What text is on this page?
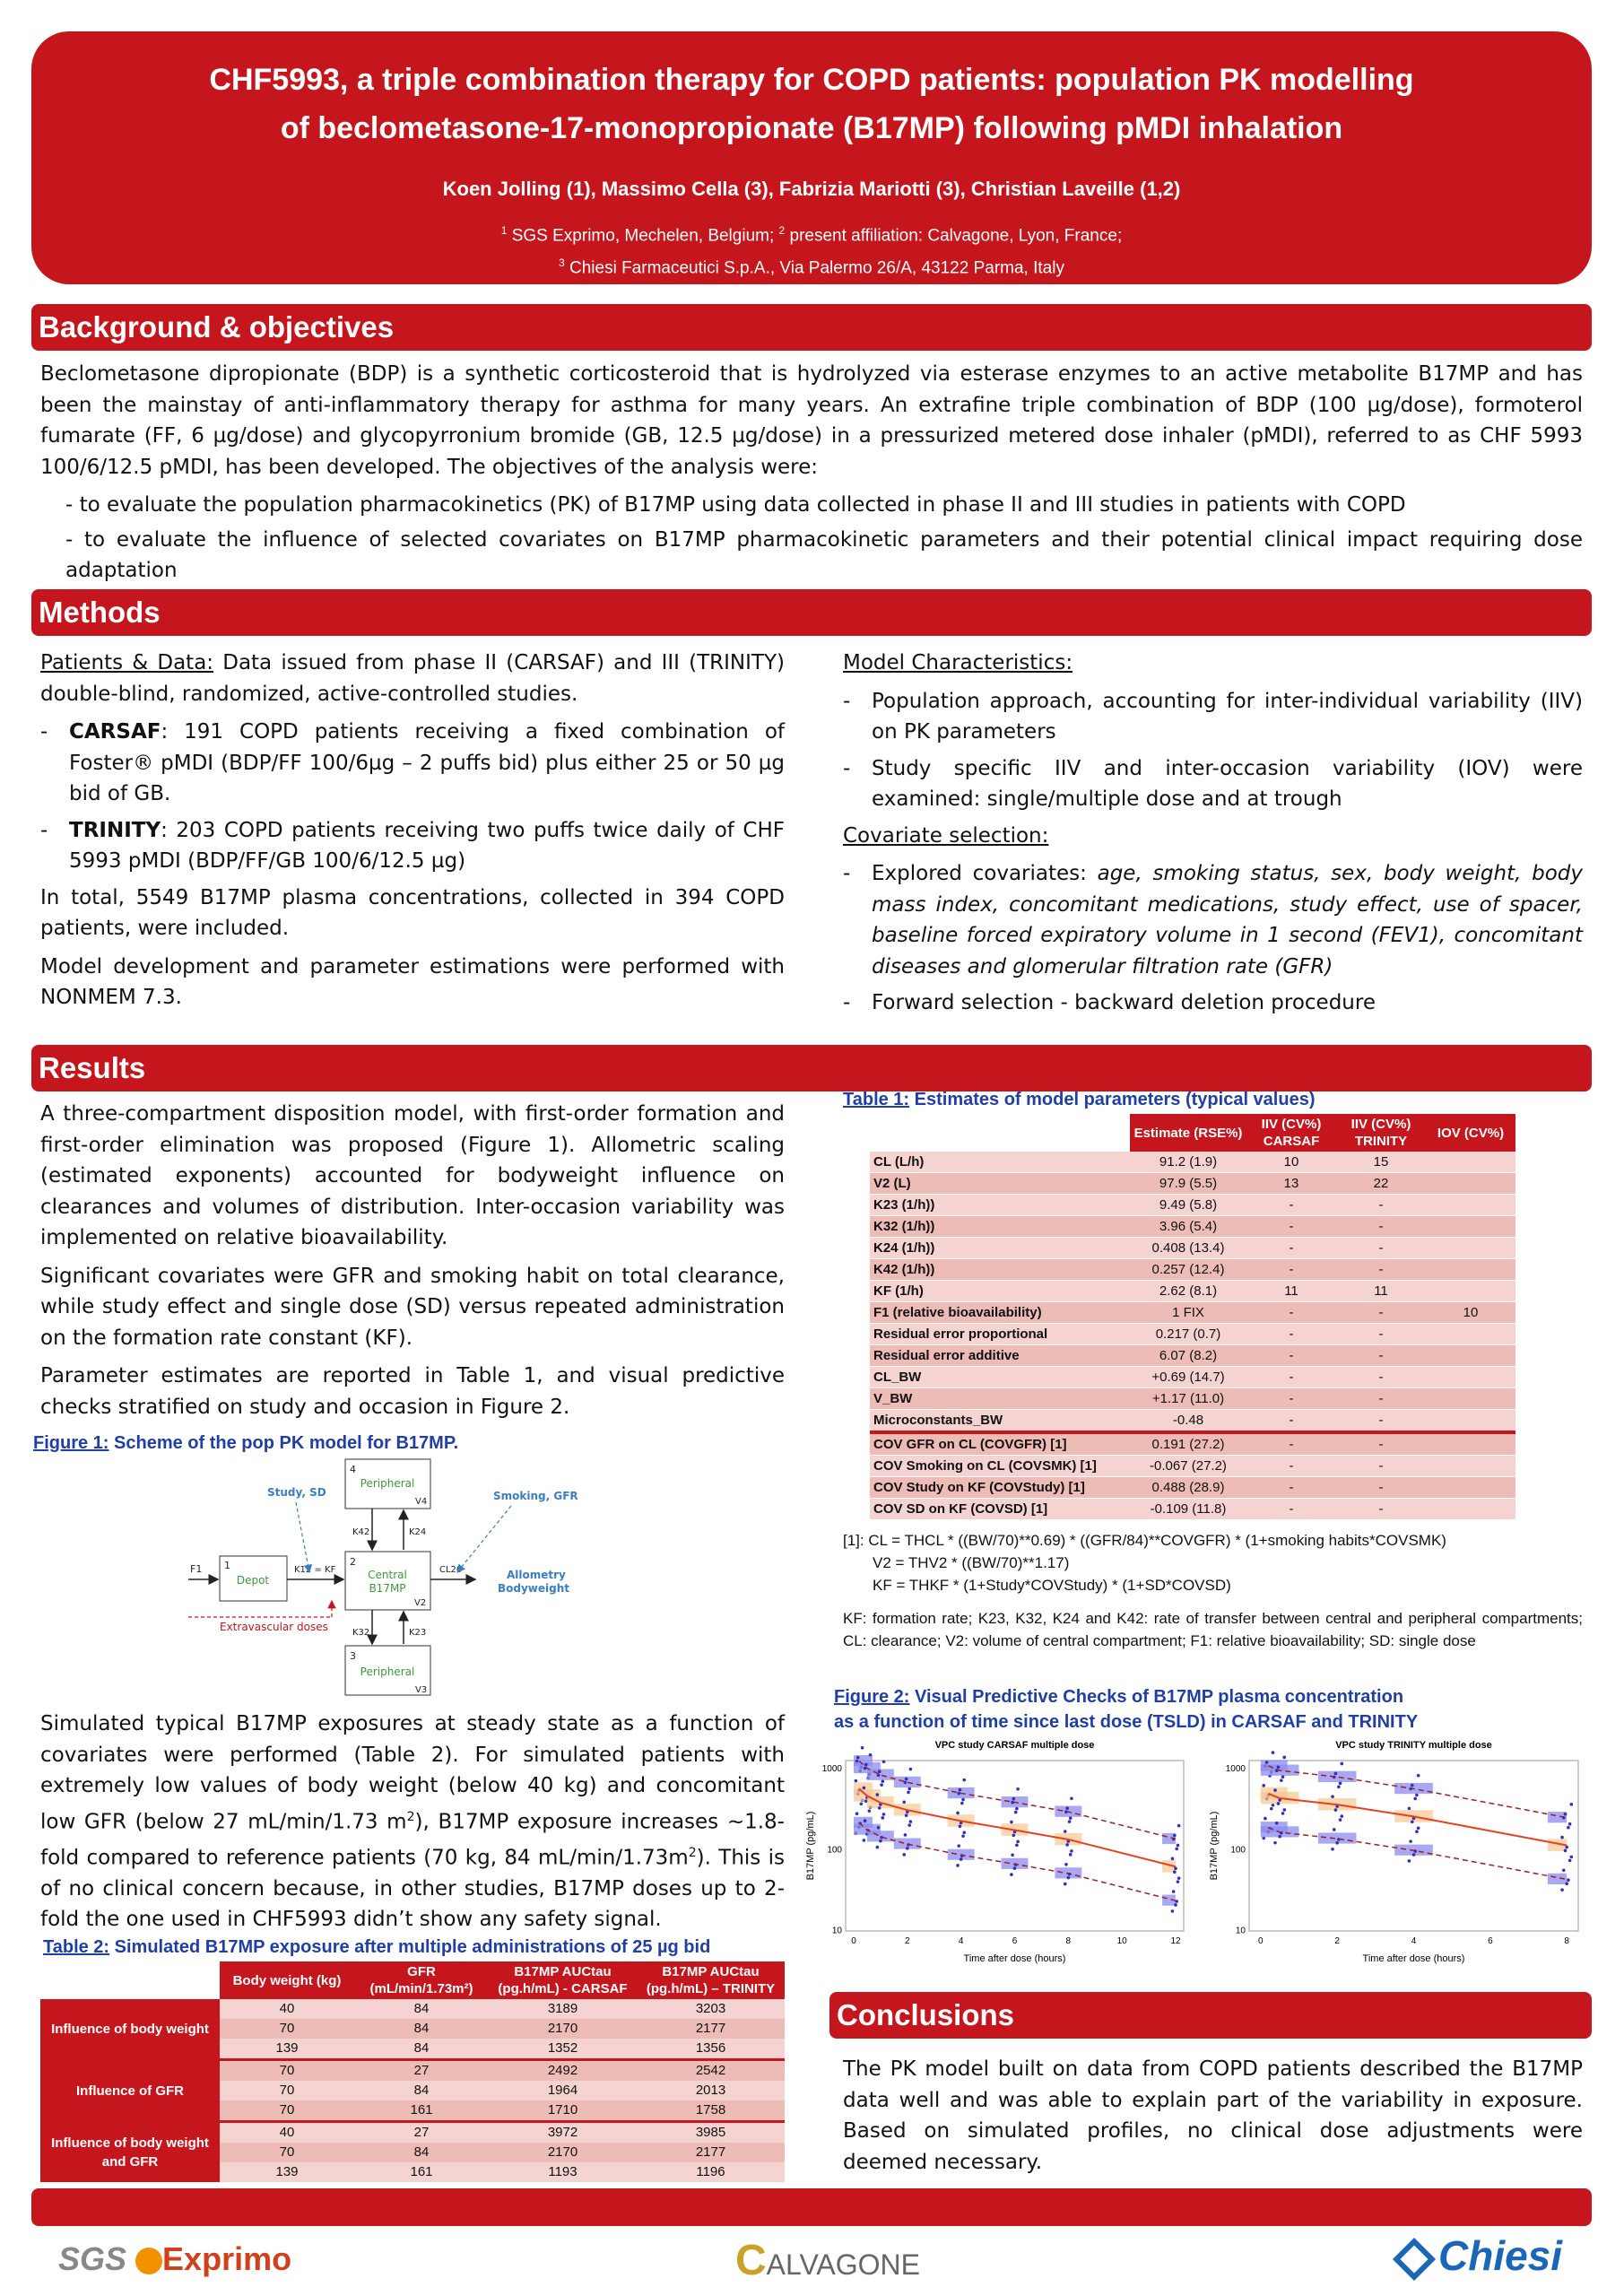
CHF5993, a triple combination therapy for COPD patients: population PK modelling
of beclometasone-17-monopropionate (B17MP) following pMDI inhalation
Koen Jolling (1), Massimo Cella (3), Fabrizia Mariotti (3), Christian Laveille (1,2)
$^1$ SGS Exprimo, Mechelen, Belgium; $^2$ present affiliation: Calvagone, Lyon, France;
$^3$ Chiesi Farmaceutici S.p.A., Via Palermo 26/A, 43122 Parma, Italy
Background & objectives

Beclometasone dipropionate (BDP) is a synthetic corticosteroid that is hydrolyzed via esterase enzymes to an active metabolite B17MP and has been the mainstay of anti-inflammatory therapy for asthma for many years. An extrafine triple combination of BDP (100 µg/dose), formoterol fumarate (FF, 6 µg/dose) and glycopyrronium bromide (GB, 12.5 µg/dose) in a pressurized metered dose inhaler (pMDI), referred to as CHF 5993 100/6/12.5 pMDI, has been developed. The objectives of the analysis were:

- to evaluate the population pharmacokinetics (PK) of B17MP using data collected in phase II and III studies in patients with COPD
- to evaluate the influence of selected covariates on B17MP pharmacokinetic parameters and their potential clinical impact requiring dose adaptation
Methods

Patients & Data: Data issued from phase II (CARSAF) and III (TRINITY) double-blind, randomized, active-controlled studies.

- CARSAF: 191 COPD patients receiving a fixed combination of Foster® pMDI (BDP/FF 100/6µg – 2 puffs bid) plus either 25 or 50 µg bid of GB.
- TRINITY: 203 COPD patients receiving two puffs twice daily of CHF 5993 pMDI (BDP/FF/GB 100/6/12.5 µg)

In total, 5549 B17MP plasma concentrations, collected in 394 COPD patients, were included.

Model development and parameter estimations were performed with NONMEM 7.3.

Model Characteristics:

- Population approach, accounting for inter-individual variability (IIV) on PK parameters
- Study specific IIV and inter-occasion variability (IOV) were examined: single/multiple dose and at trough

Covariate selection:

- Explored covariates: age, smoking status, sex, body weight, body mass index, concomitant medications, study effect, use of spacer, baseline forced expiratory volume in 1 second (FEV1), concomitant diseases and glomerular filtration rate (GFR)
- Forward selection - backward deletion procedure
Results

A three-compartment disposition model, with first-order formation and first-order elimination was proposed (Figure 1). Allometric scaling (estimated exponents) accounted for bodyweight influence on clearances and volumes of distribution. Inter-occasion variability was implemented on relative bioavailability.

Significant covariates were GFR and smoking habit on total clearance, while study effect and single dose (SD) versus repeated administration on the formation rate constant (KF).

Parameter estimates are reported in Table 1, and visual predictive checks stratified on study and occasion in Figure 2.

Figure 1: Scheme of the pop PK model for B17MP.
4
Peripheral
V4
2
Central
B17MP
V2
3
Peripheral
V3
1
Depot
F1	K12 = KF	CL20
K42	K24
K32	K23
Study, SD	Smoking, GFR
Allometry
Bodyweight
Extravascular doses

Simulated typical B17MP exposures at steady state as a function of covariates were performed (Table 2). For simulated patients with extremely low values of body weight (below 40 kg) and concomitant low GFR (below 27 mL/min/1.73 $m^2$), B17MP exposure increases ~1.8-fold compared to reference patients (70 kg, 84 $mL/\min/1.73m^2$). This is of no clinical concern because, in other studies, B17MP doses up to 2-fold the one used in CHF5993 didn’t show any safety signal.

Table 2: Simulated B17MP exposure after multiple administrations of 25 µg bid
	Body weight (kg)	GFR (mL/min/1.73m²)	B17MP AUCtau (pg.h/mL) - CARSAF	B17MP AUCtau (pg.h/mL) – TRINITY
Influence of body weight	40	84	3189	3203
	70	84	2170	2177
	139	84	1352	1356
Influence of GFR	70	27	2492	2542
	70	84	1964	2013
	70	161	1710	1758
Influence of body weight and GFR	40	27	3972	3985
	70	84	2170	2177
	139	161	1193	1196
Table 1: Estimates of model parameters (typical values)
	Estimate (RSE%)	IIV (CV%) CARSAF	IIV (CV%) TRINITY	IOV (CV%)
CL (L/h)	91.2 (1.9)	10	15	
V2 (L)	97.9 (5.5)	13	22	
K23 (1/h))	9.49 (5.8)	-	-	
K32 (1/h))	3.96 (5.4)	-	-	
K24 (1/h))	0.408 (13.4)	-	-	
K42 (1/h))	0.257 (12.4)	-	-	
KF (1/h)	2.62 (8.1)	11	11	
F1 (relative bioavailability)	1 FIX	-	-	10
Residual error proportional	0.217 (0.7)	-	-	
Residual error additive	6.07 (8.2)	-	-	
CL_BW	+0.69 (14.7)	-	-	
V_BW	+1.17 (11.0)	-	-	
Microconstants_BW	-0.48	-	-	
COV GFR on CL (COVGFR) [1]	0.191 (27.2)	-	-	
COV Smoking on CL (COVSMK) [1]	-0.067 (27.2)	-	-	
COV Study on KF (COVStudy) [1]	0.488 (28.9)	-	-	
COV SD on KF (COVSD) [1]	-0.109 (11.8)	-	-	
[1]: CL = THCL * ((BW/70)**0.69) * ((GFR/84)**COVGFR) * (1+smoking habits*COVSMK)
V2 = THV2 * ((BW/70)**1.17)
KF = THKF * (1+Study*COVStudy) * (1+SD*COVSD)
KF: formation rate; K23, K32, K24 and K42: rate of transfer between central and peripheral compartments; CL: clearance; V2: volume of central compartment; F1: relative bioavailability; SD: single dose
Figure 2: Visual Predictive Checks of B17MP plasma concentration
as a function of time since last dose (TSLD) in CARSAF and TRINITY
VPC study CARSAF multiple dose
1000
100
10
0	2	4	6	8	10	12
Time after dose (hours)
B17MP (pg/mL)
VPC study TRINITY multiple dose
1000
100
10
0	2	4	6	8
Time after dose (hours)
B17MP (pg/mL)
Conclusions
The PK model built on data from COPD patients described the B17MP data well and was able to explain part of the variability in exposure. Based on simulated profiles, no clinical dose adjustments were deemed necessary.
SGS Exprimo	CALVAGONE	Chiesi
